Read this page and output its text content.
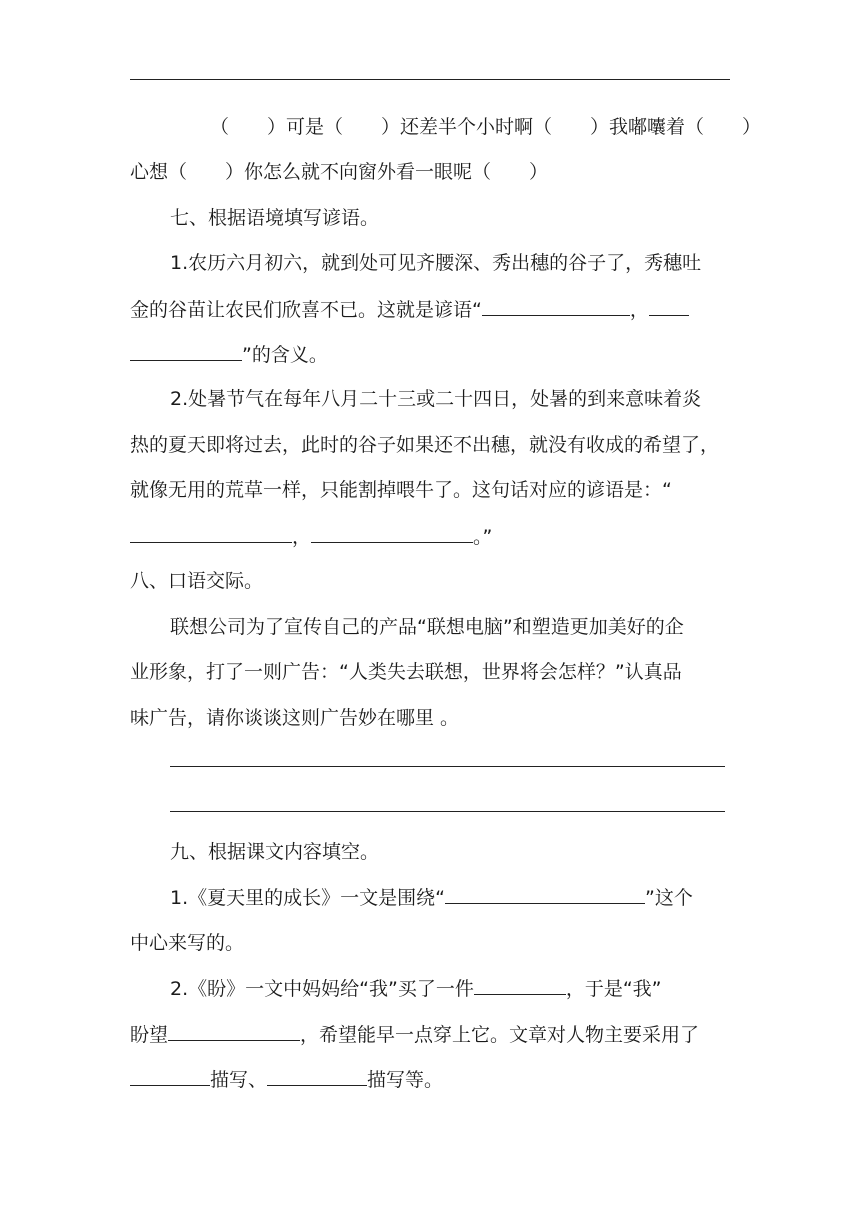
（　　）可是（　　）还差半个小时啊（　　）我嘟囔着（　　）
心想（　　）你怎么就不向窗外看一眼呢（　　）
七、根据语境填写谚语。
1.农历六月初六，就到处可见齐腰深、秀出穗的谷子了，秀穗吐
金的谷苗让农民们欣喜不已。这就是谚语“	，
”的含义。
2.处暑节气在每年八月二十三或二十四日，处暑的到来意味着炎
热的夏天即将过去，此时的谷子如果还不出穗，就没有收成的希望了，
就像无用的荒草一样，只能割掉喂牛了。这句话对应的谚语是：“
，	。”
八、口语交际。
联想公司为了宣传自己的产品“联想电脑”和塑造更加美好的企
业形象，打了一则广告：“人类失去联想，世界将会怎样？”认真品
味广告，请你谈谈这则广告妙在哪里 。
九、根据课文内容填空。
1.《夏天里的成长》一文是围绕“	”这个
中心来写的。
2.《盼》一文中妈妈给“我”买了一件	，于是“我”
盼望	，希望能早一点穿上它。文章对人物主要采用了
描写、	描写等。
